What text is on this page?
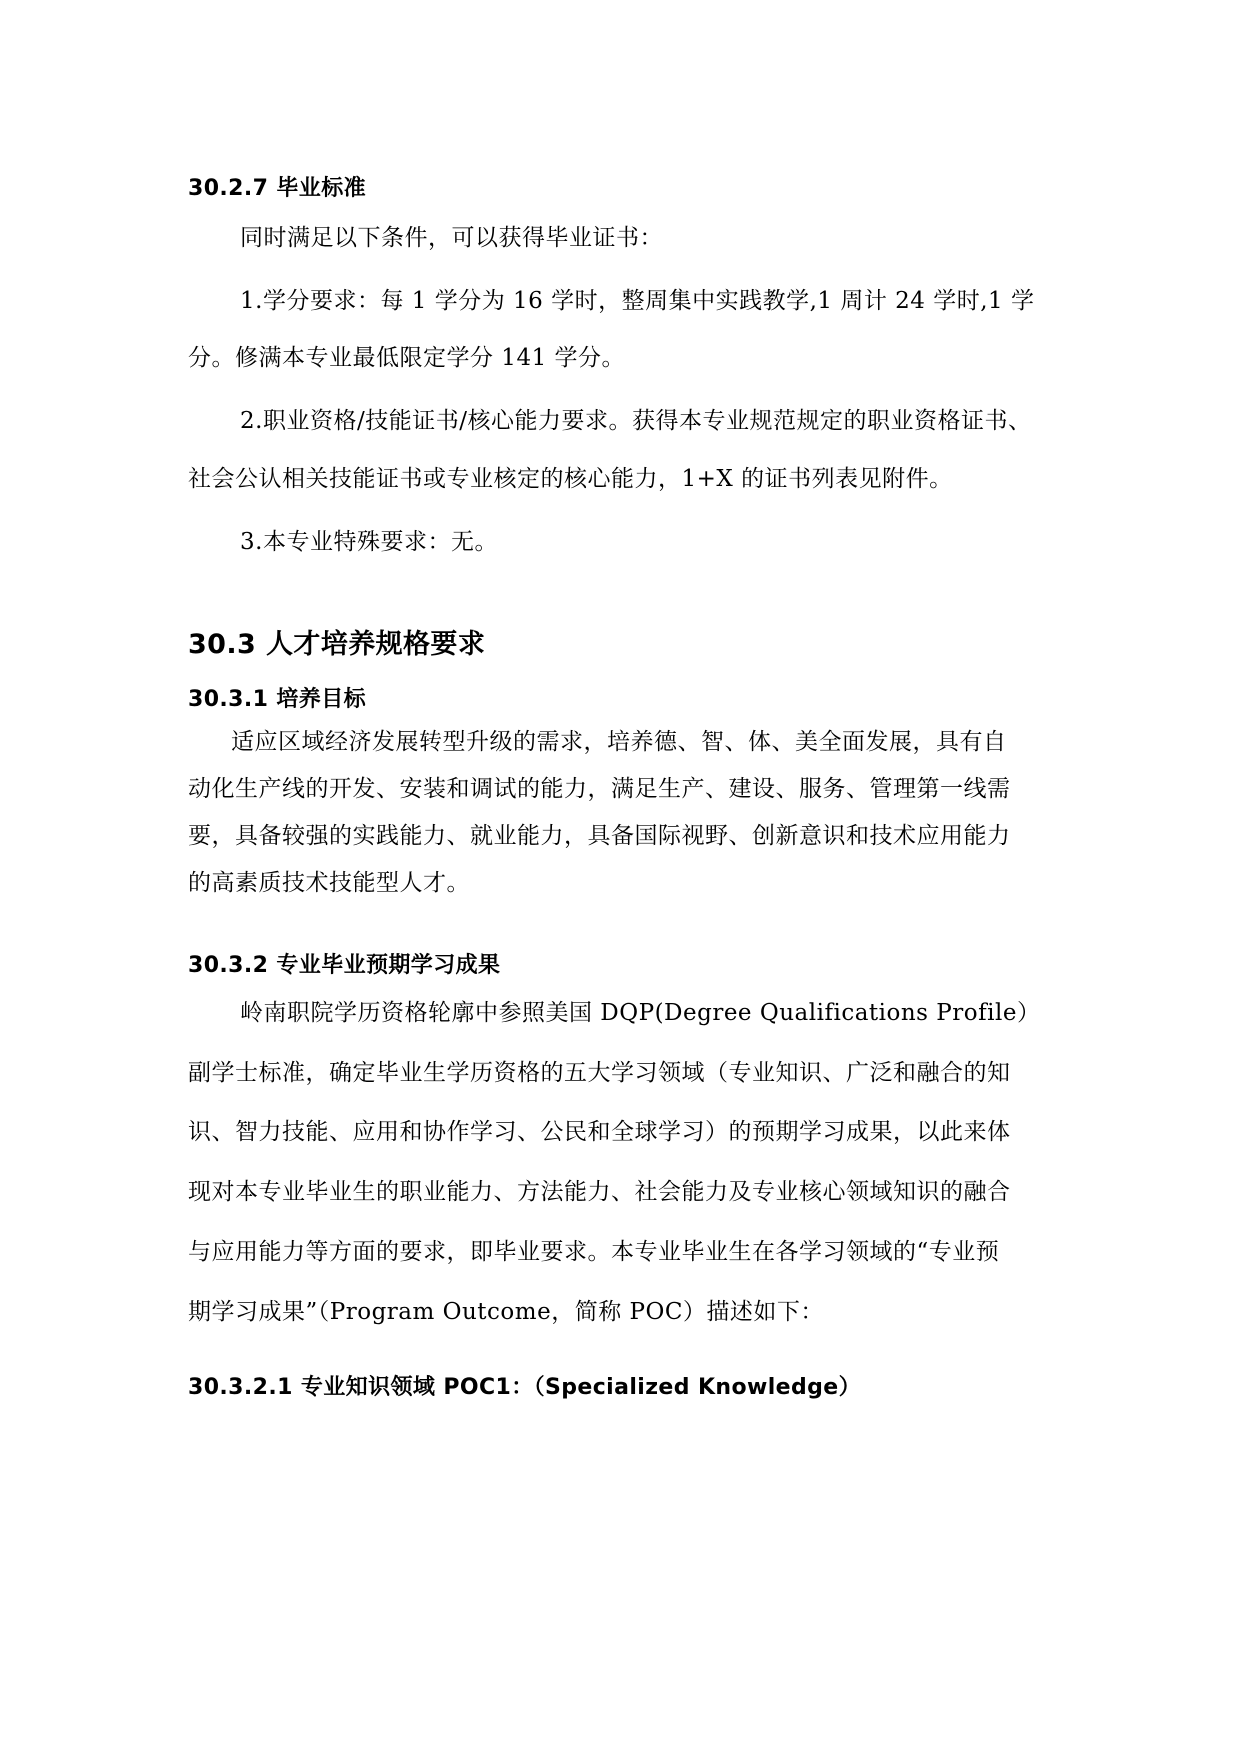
30.2.7 毕业标准
同时满足以下条件，可以获得毕业证书：
1.学分要求：每 1 学分为 16 学时，整周集中实践教学,1 周计 24 学时,1 学
分。修满本专业最低限定学分 141 学分。
2.职业资格/技能证书/核心能力要求。获得本专业规范规定的职业资格证书、
社会公认相关技能证书或专业核定的核心能力，1+X 的证书列表见附件。
3.本专业特殊要求：无。
30.3 人才培养规格要求
30.3.1 培养目标
适应区域经济发展转型升级的需求，培养德、智、体、美全面发展，具有自
动化生产线的开发、安装和调试的能力，满足生产、建设、服务、管理第一线需
要，具备较强的实践能力、就业能力，具备国际视野、创新意识和技术应用能力
的高素质技术技能型人才。
30.3.2 专业毕业预期学习成果
岭南职院学历资格轮廓中参照美国 DQP(Degree Qualifications Profile）
副学士标准，确定毕业生学历资格的五大学习领域（专业知识、广泛和融合的知
识、智力技能、应用和协作学习、公民和全球学习）的预期学习成果，以此来体
现对本专业毕业生的职业能力、方法能力、社会能力及专业核心领域知识的融合
与应用能力等方面的要求，即毕业要求。本专业毕业生在各学习领域的“专业预
期学习成果”（Program Outcome，简称 POC）描述如下：
30.3.2.1 专业知识领域 POC1：（Specialized Knowledge）
